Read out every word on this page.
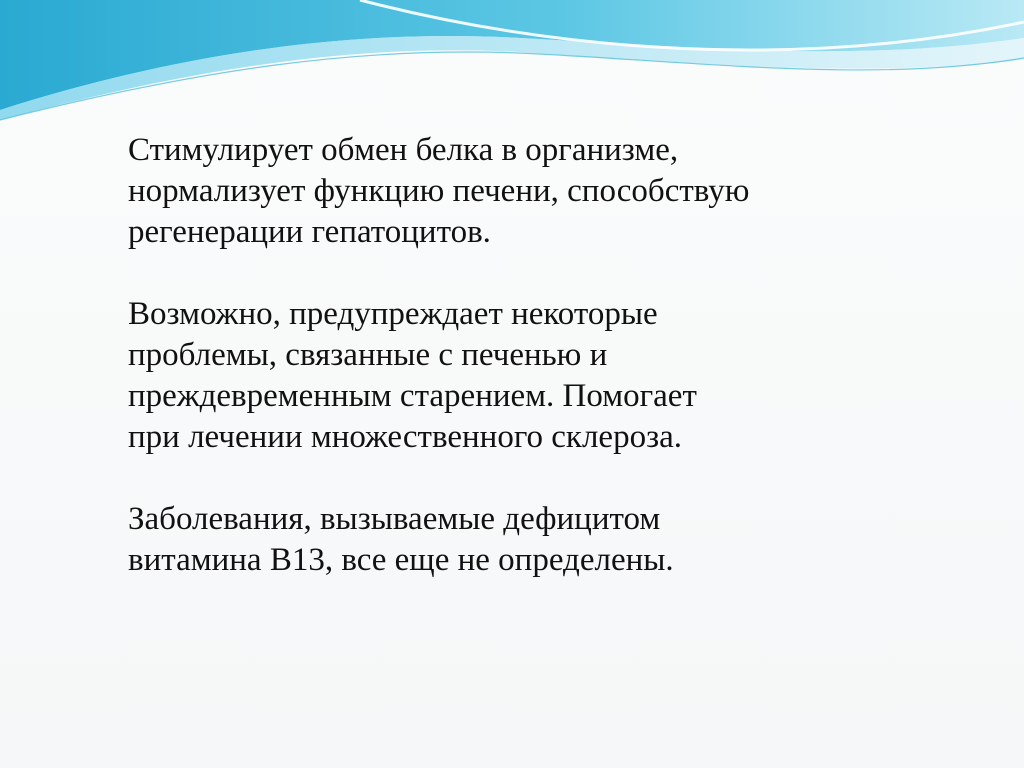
Стимулирует обмен белка в организме,
нормализует функцию печени, способствую
регенерации гепатоцитов.

Возможно, предупреждает некоторые
проблемы, связанные с печенью и
преждевременным старением. Помогает
при лечении множественного склероза.

Заболевания, вызываемые дефицитом
витамина В13, все еще не определены.
